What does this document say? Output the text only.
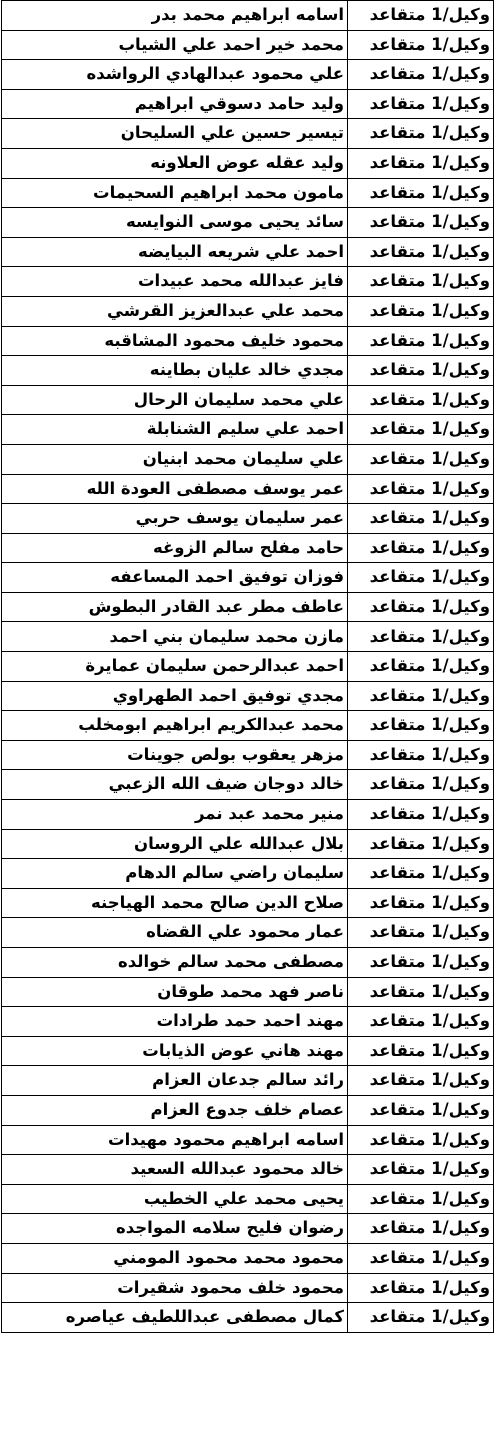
وكيل/1 متقاعد	اسامه ابراهيم محمد بدر
وكيل/1 متقاعد	محمد خير احمد علي الشياب
وكيل/1 متقاعد	علي محمود عبدالهادي الرواشده
وكيل/1 متقاعد	وليد حامد دسوقي ابراهيم
وكيل/1 متقاعد	تيسير حسين علي السليحان
وكيل/1 متقاعد	وليد عقله عوض العلاونه
وكيل/1 متقاعد	مامون محمد ابراهيم السحيمات
وكيل/1 متقاعد	سائد يحيى موسى النوايسه
وكيل/1 متقاعد	احمد علي شريعه البيايضه
وكيل/1 متقاعد	فايز عبدالله محمد عبيدات
وكيل/1 متقاعد	محمد علي عبدالعزيز القرشي
وكيل/1 متقاعد	محمود خليف محمود المشاقبه
وكيل/1 متقاعد	مجدي خالد عليان بطاينه
وكيل/1 متقاعد	علي محمد سليمان الرحال
وكيل/1 متقاعد	احمد علي سليم الشنابلة
وكيل/1 متقاعد	علي سليمان محمد ابنيان
وكيل/1 متقاعد	عمر يوسف مصطفى العودة الله
وكيل/1 متقاعد	عمر سليمان يوسف حربي
وكيل/1 متقاعد	حامد مفلح سالم الزوغه
وكيل/1 متقاعد	فوزان توفيق احمد المساعفه
وكيل/1 متقاعد	عاطف مطر عبد القادر البطوش
وكيل/1 متقاعد	مازن محمد سليمان بني احمد
وكيل/1 متقاعد	احمد عبدالرحمن سليمان عمايرة
وكيل/1 متقاعد	مجدي توفيق احمد الطهراوي
وكيل/1 متقاعد	محمد عبدالكريم ابراهيم ابومخلب
وكيل/1 متقاعد	مزهر يعقوب بولص جوينات
وكيل/1 متقاعد	خالد دوجان ضيف الله الزعبي
وكيل/1 متقاعد	منير محمد عبد نمر
وكيل/1 متقاعد	بلال عبدالله علي الروسان
وكيل/1 متقاعد	سليمان راضي سالم الدهام
وكيل/1 متقاعد	صلاح الدين صالح محمد الهياجنه
وكيل/1 متقاعد	عمار محمود علي القضاه
وكيل/1 متقاعد	مصطفى محمد سالم خوالده
وكيل/1 متقاعد	ناصر فهد محمد طوقان
وكيل/1 متقاعد	مهند احمد حمد طرادات
وكيل/1 متقاعد	مهند هاني عوض الذيابات
وكيل/1 متقاعد	رائد سالم جدعان العزام
وكيل/1 متقاعد	عصام خلف جدوع العزام
وكيل/1 متقاعد	اسامه ابراهيم محمود مهيدات
وكيل/1 متقاعد	خالد محمود عبدالله السعيد
وكيل/1 متقاعد	يحيى محمد علي الخطيب
وكيل/1 متقاعد	رضوان فليح سلامه المواجده
وكيل/1 متقاعد	محمود محمد محمود المومني
وكيل/1 متقاعد	محمود خلف محمود شقيرات
وكيل/1 متقاعد	كمال مصطفى عبداللطيف عياصره
